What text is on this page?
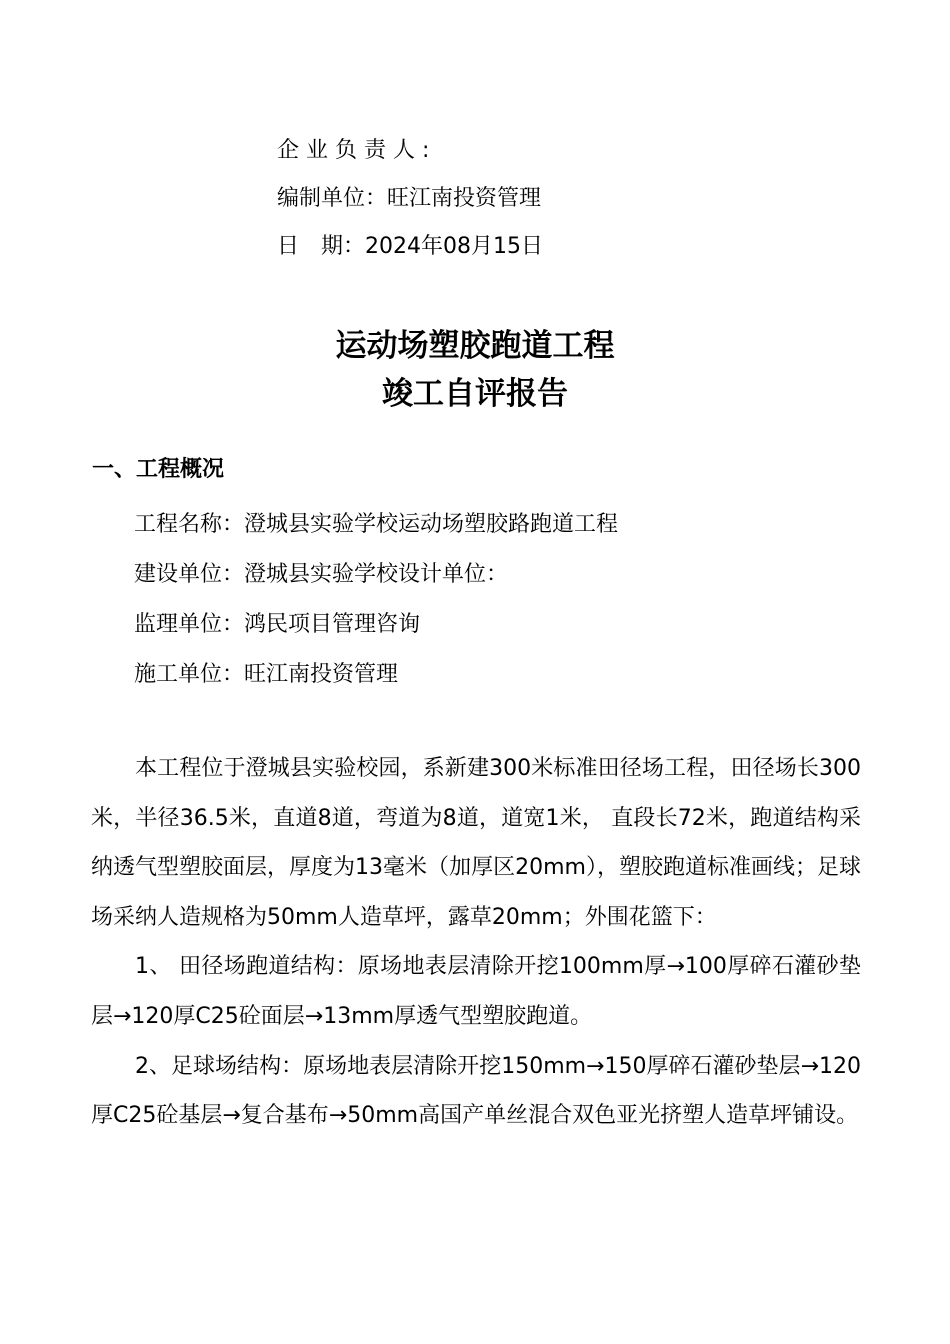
企业负责人:
编制单位：旺江南投资管理
日　期：2024年08月15日
运动场塑胶跑道工程
竣工自评报告
一、工程概况
工程名称：澄城县实验学校运动场塑胶路跑道工程
建设单位：澄城县实验学校设计单位：
监理单位：鸿民项目管理咨询
施工单位：旺江南投资管理

本工程位于澄城县实验校园，系新建300米标准田径场工程，田径场长300米，半径36.5米，直道8道，弯道为8道，道宽1米， 直段长72米，跑道结构采纳透气型塑胶面层，厚度为13毫米（加厚区20mm），塑胶跑道标准画线；足球场采纳人造规格为50mm人造草坪，露草20mm；外围花篮下：

1、 田径场跑道结构：原场地表层清除开挖100mm厚→100厚碎石灌砂垫层→120厚C25砼面层→13mm厚透气型塑胶跑道。

2、足球场结构：原场地表层清除开挖150mm→150厚碎石灌砂垫层→120厚C25砼基层→复合基布→50mm高国产单丝混合双色亚光挤塑人造草坪铺设。
